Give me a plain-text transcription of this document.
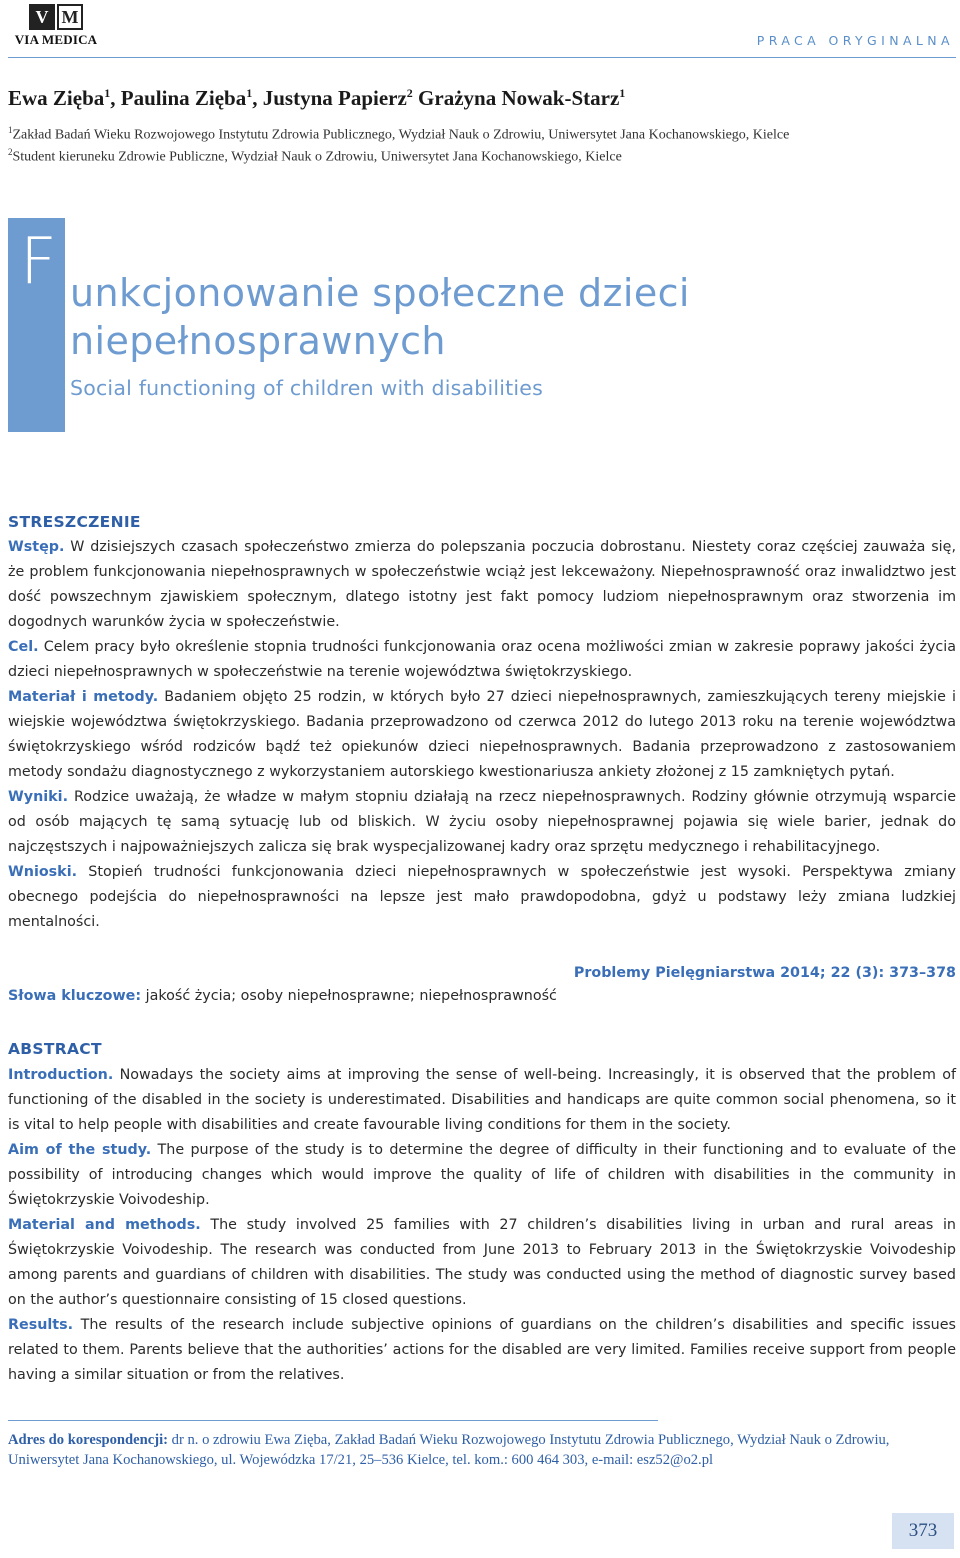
V M
VIA MEDICA	PRACA ORYGINALNA
Ewa Zięba$^1$, Paulina Zięba$^1$, Justyna Papierz$^2$ Grażyna Nowak-Starz$^1$
$^1$Zakład Badań Wieku Rozwojowego Instytutu Zdrowia Publicznego, Wydział Nauk o Zdrowiu, Uniwersytet Jana Kochanowskiego, Kielce
$^2$Student kieruneku Zdrowie Publiczne, Wydział Nauk o Zdrowiu, Uniwersytet Jana Kochanowskiego, Kielce
F unkcjonowanie społeczne dzieci
niepełnosprawnych
Social functioning of children with disabilities
STRESZCZENIE

Wstęp. W dzisiejszych czasach społeczeństwo zmierza do polepszania poczucia dobrostanu. Niestety coraz częściej zauważa się, że problem funkcjonowania niepełnosprawnych w społeczeństwie wciąż jest lekceważony. Niepełnosprawność oraz inwalidztwo jest dość powszechnym zjawiskiem społecznym, dlatego istotny jest fakt pomocy ludziom niepełnosprawnym oraz stworzenia im dogodnych warunków życia w społeczeństwie.

Cel. Celem pracy było określenie stopnia trudności funkcjonowania oraz ocena możliwości zmian w zakresie poprawy jakości życia dzieci niepełnosprawnych w społeczeństwie na terenie województwa świętokrzyskiego.

Materiał i metody. Badaniem objęto 25 rodzin, w których było 27 dzieci niepełnosprawnych, zamieszkujących tereny miejskie i wiejskie województwa świętokrzyskiego. Badania przeprowadzono od czerwca 2012 do lutego 2013 roku na terenie województwa świętokrzyskiego wśród rodziców bądź też opiekunów dzieci niepełnosprawnych. Badania przeprowadzono z zastosowaniem metody sondażu diagnostycznego z wykorzystaniem autorskiego kwestionariusza ankiety złożonej z 15 zamkniętych pytań.

Wyniki. Rodzice uważają, że władze w małym stopniu działają na rzecz niepełnosprawnych. Rodziny głównie otrzymują wsparcie od osób mających tę samą sytuację lub od bliskich. W życiu osoby niepełnosprawnej pojawia się wiele barier, jednak do najczęstszych i najpoważniejszych zalicza się brak wyspecjalizowanej kadry oraz sprzętu medycznego i rehabilitacyjnego.

Wnioski. Stopień trudności funkcjonowania dzieci niepełnosprawnych w społeczeństwie jest wysoki. Perspektywa zmiany obecnego podejścia do niepełnosprawności na lepsze jest mało prawdopodobna, gdyż u podstawy leży zmiana ludzkiej mentalności.

Problemy Pielęgniarstwa 2014; 22 (3): 373–378
Słowa kluczowe: jakość życia; osoby niepełnosprawne; niepełnosprawność
ABSTRACT

Introduction. Nowadays the society aims at improving the sense of well-being. Increasingly, it is observed that the problem of functioning of the disabled in the society is underestimated. Disabilities and handicaps are quite common social phenomena, so it is vital to help people with disabilities and create favourable living conditions for them in the society.

Aim of the study. The purpose of the study is to determine the degree of difficulty in their functioning and to evaluate of the possibility of introducing changes which would improve the quality of life of children with disabilities in the community in Świętokrzyskie Voivodeship.

Material and methods. The study involved 25 families with 27 children’s disabilities living in urban and rural areas in Świętokrzyskie Voivodeship. The research was conducted from June 2013 to February 2013 in the Świętokrzyskie Voivodeship among parents and guardians of children with disabilities. The study was conducted using the method of diagnostic survey based on the author’s questionnaire consisting of 15 closed questions.

Results. The results of the research include subjective opinions of guardians on the children’s disabilities and specific issues related to them. Parents believe that the authorities’ actions for the disabled are very limited. Families receive support from people having a similar situation or from the relatives.

Adres do korespondencji: dr n. o zdrowiu Ewa Zięba, Zakład Badań Wieku Rozwojowego Instytutu Zdrowia Publicznego, Wydział Nauk o Zdrowiu, Uniwersytet Jana Kochanowskiego, ul. Wojewódzka 17/21, 25–536 Kielce, tel. kom.: 600 464 303, e-mail: esz52@o2.pl
373
